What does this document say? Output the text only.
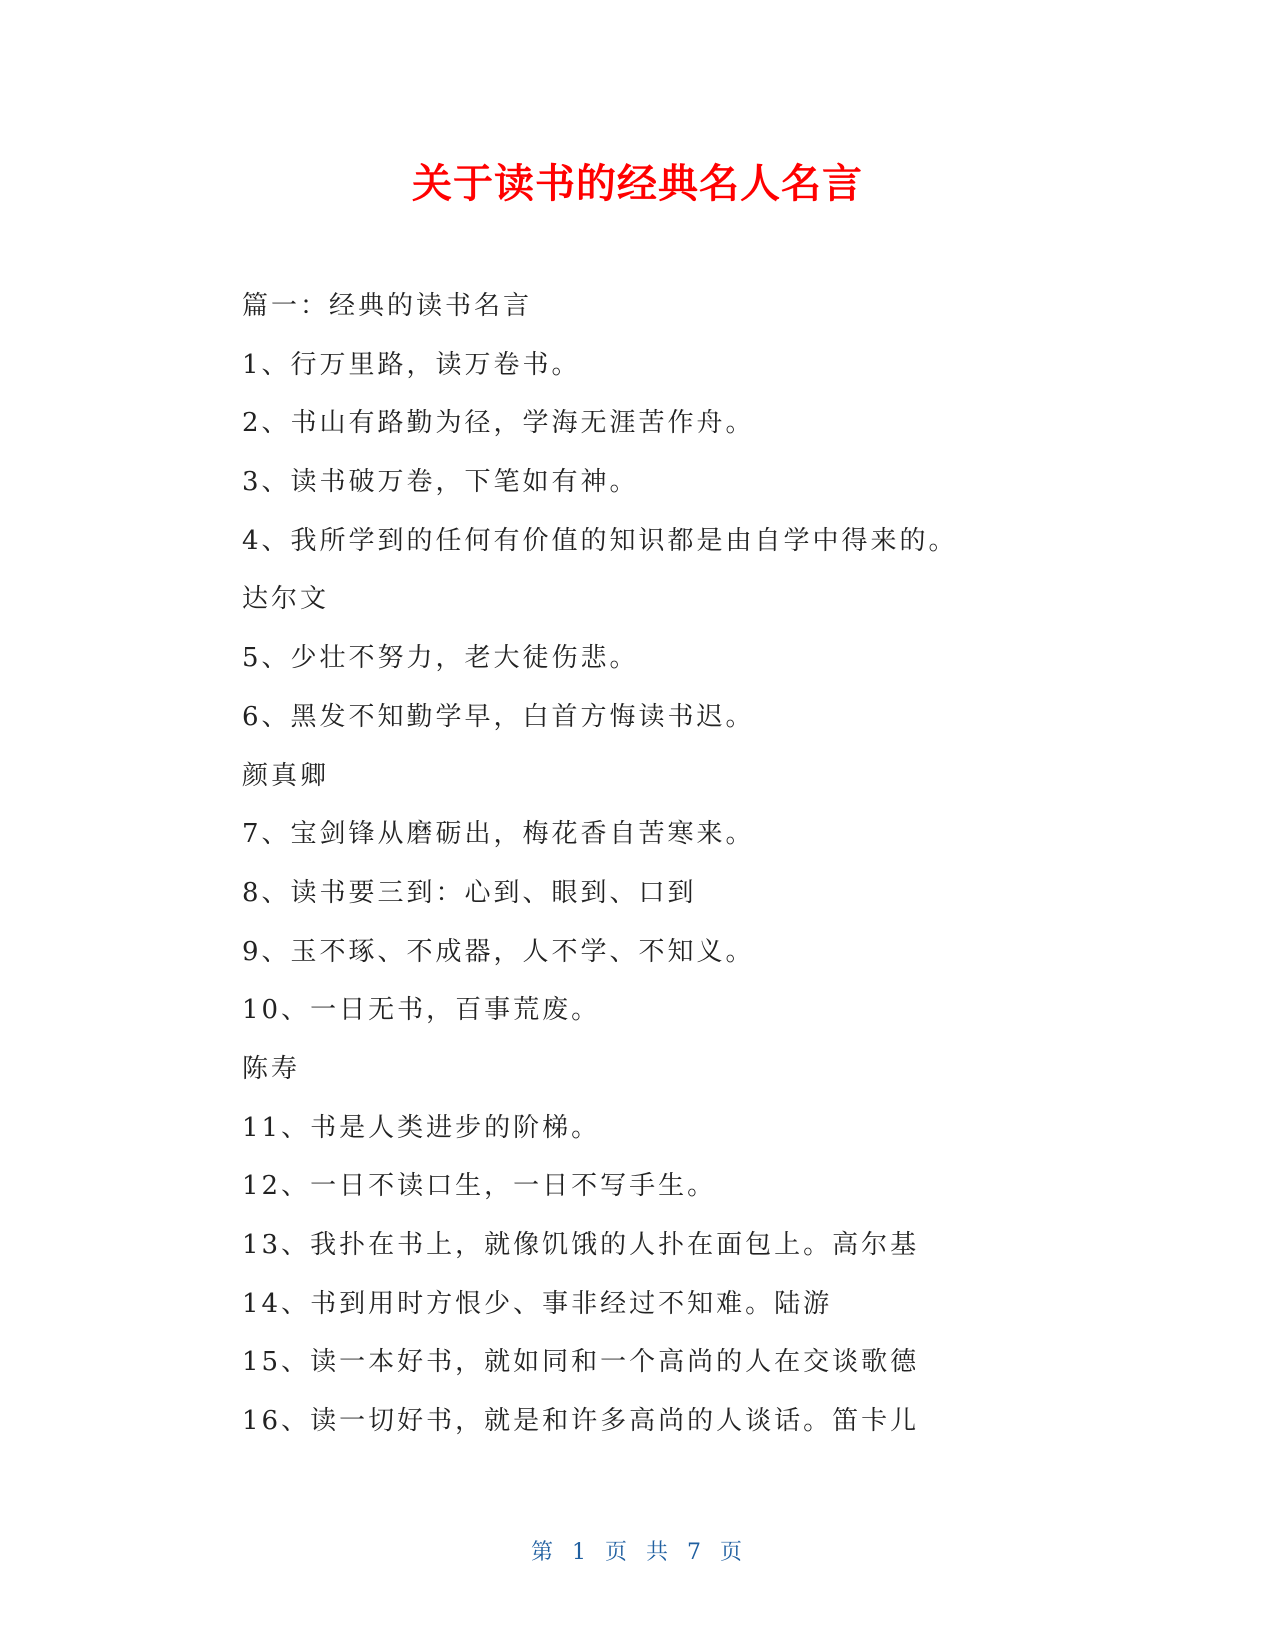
关于读书的经典名人名言
篇一：经典的读书名言
1、行万里路，读万卷书。
2、书山有路勤为径，学海无涯苦作舟。
3、读书破万卷，下笔如有神。
4、我所学到的任何有价值的知识都是由自学中得来的。
达尔文
5、少壮不努力，老大徒伤悲。
6、黑发不知勤学早，白首方悔读书迟。
颜真卿
7、宝剑锋从磨砺出，梅花香自苦寒来。
8、读书要三到：心到、眼到、口到
9、玉不琢、不成器，人不学、不知义。
10、一日无书，百事荒废。
陈寿
11、书是人类进步的阶梯。
12、一日不读口生，一日不写手生。
13、我扑在书上，就像饥饿的人扑在面包上。高尔基
14、书到用时方恨少、事非经过不知难。陆游
15、读一本好书，就如同和一个高尚的人在交谈歌德
16、读一切好书，就是和许多高尚的人谈话。笛卡儿
第 1 页 共 7 页
